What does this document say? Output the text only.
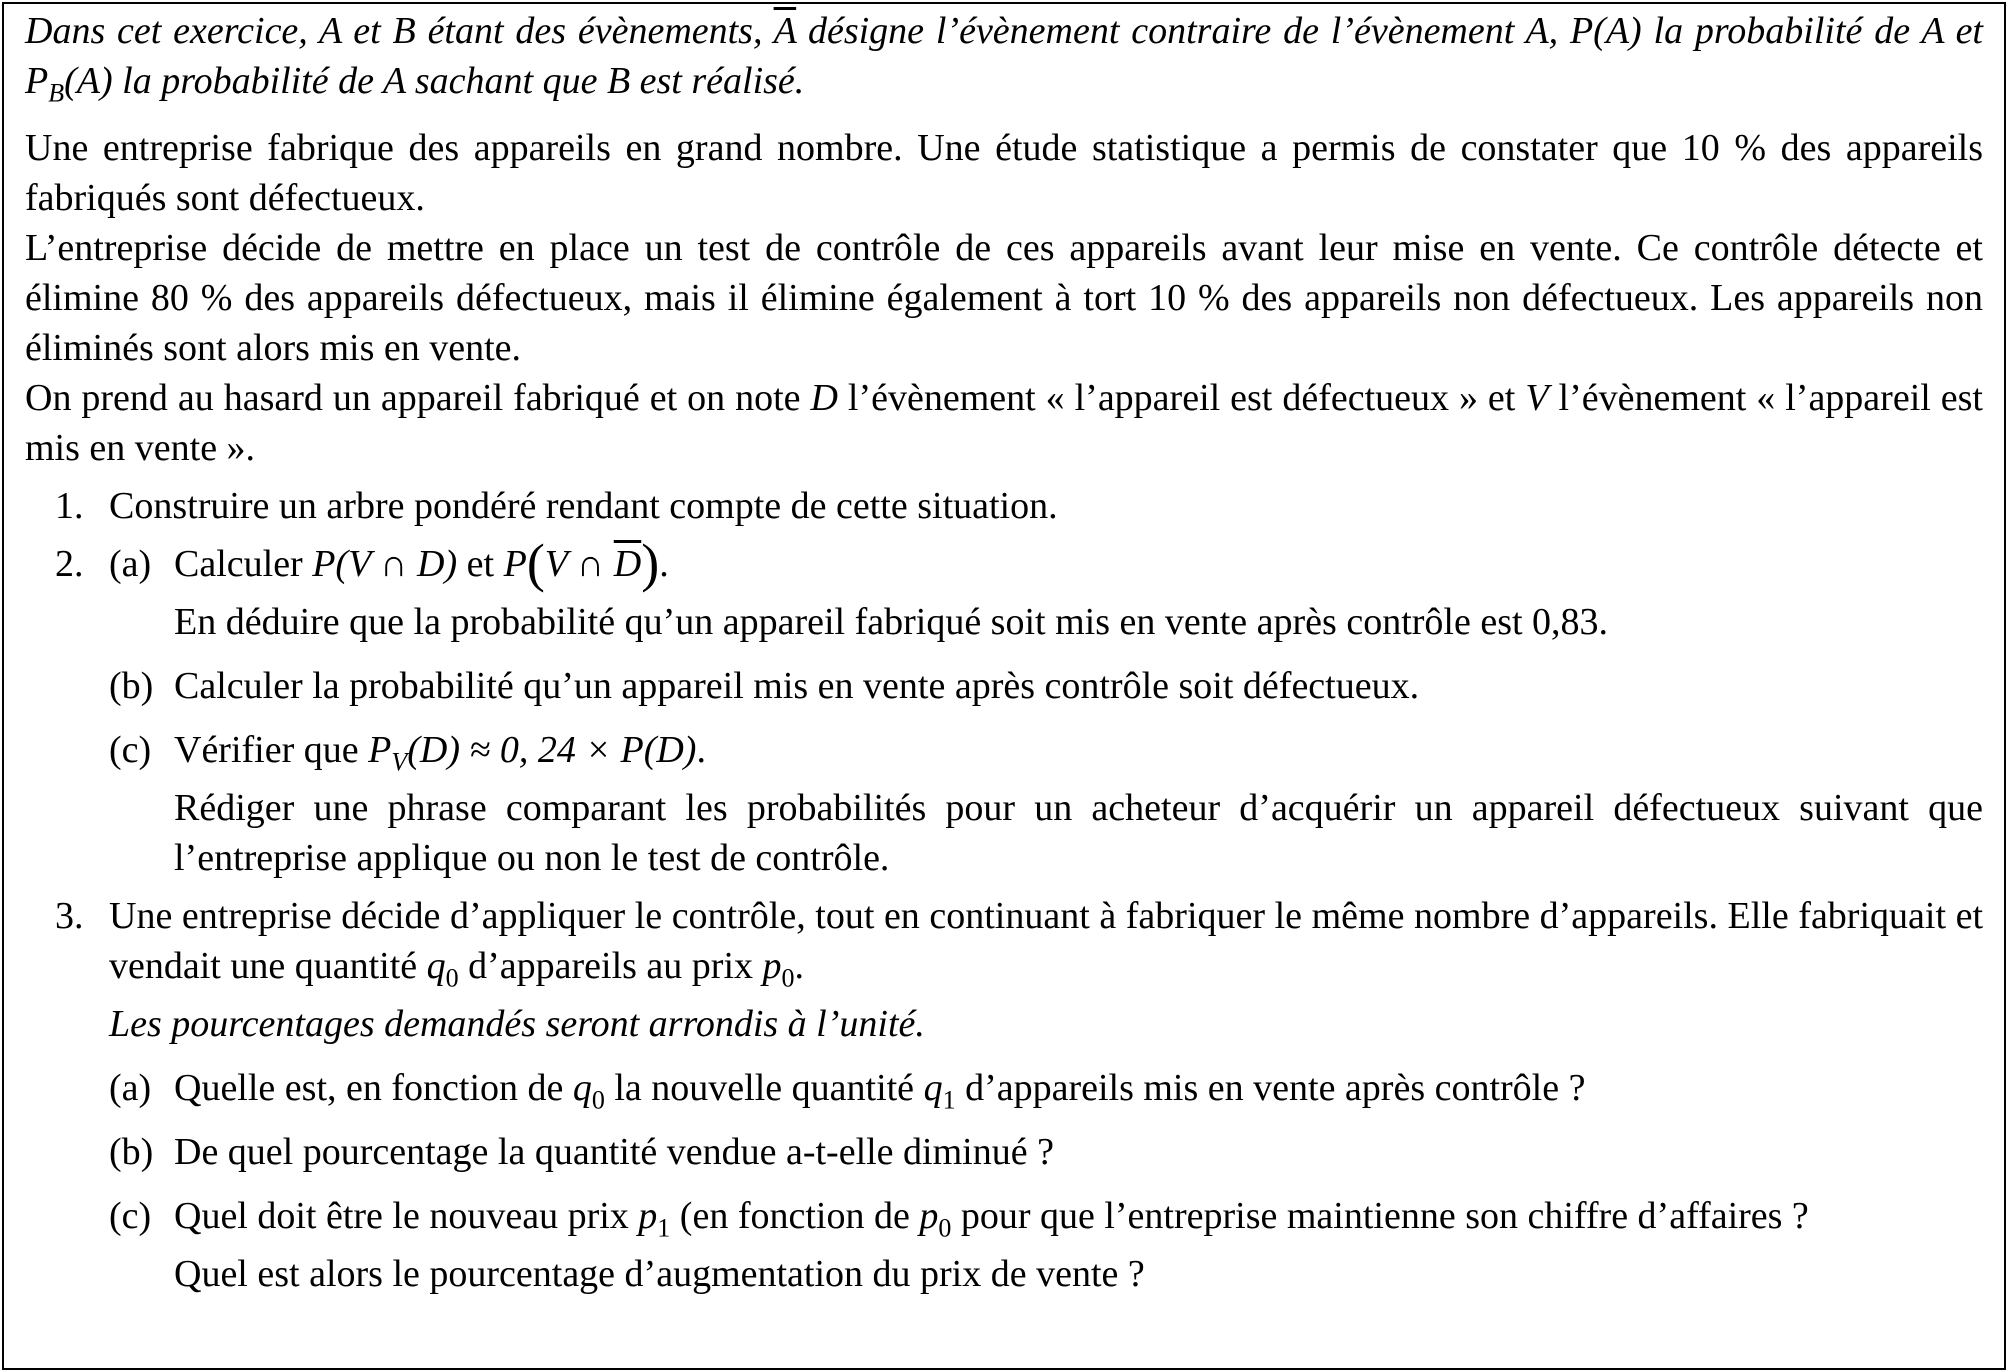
Dans cet exercice, A et B étant des évènements, $\overline{A}$ désigne l’évènement contraire de l’évènement A, P(A) la probabilité de A et $P_B(A)$ la probabilité de A sachant que B est réalisé.

Une entreprise fabrique des appareils en grand nombre. Une étude statistique a permis de constater que 10 % des appareils fabriqués sont défectueux.

L’entreprise décide de mettre en place un test de contrôle de ces appareils avant leur mise en vente. Ce contrôle détecte et élimine 80 % des appareils défectueux, mais il élimine également à tort 10 % des appareils non défectueux. Les appareils non éliminés sont alors mis en vente.

On prend au hasard un appareil fabriqué et on note D l’évènement « l’appareil est défectueux » et V l’évènement « l’appareil est mis en vente ».

1. Construire un arbre pondéré rendant compte de cette situation.
2. (a) Calculer P(V ∩ D) et P(V ∩ $\overline{D}$).
En déduire que la probabilité qu’un appareil fabriqué soit mis en vente après contrôle est 0,83.
(b) Calculer la probabilité qu’un appareil mis en vente après contrôle soit défectueux.
(c) Vérifier que $P_V(D) \approx 0$, 24 × P(D).
Rédiger une phrase comparant les probabilités pour un acheteur d’acquérir un appareil défectueux suivant que l’entreprise applique ou non le test de contrôle.
3. Une entreprise décide d’appliquer le contrôle, tout en continuant à fabriquer le même nombre d’appareils. Elle fabriquait et vendait une quantité $q_0$ d’appareils au prix $p_0$.
Les pourcentages demandés seront arrondis à l’unité.
(a) Quelle est, en fonction de $q_0$ la nouvelle quantité $q_1$ d’appareils mis en vente après contrôle ?
(b) De quel pourcentage la quantité vendue a-t-elle diminué ?
(c) Quel doit être le nouveau prix $p_1$ (en fonction de $p_0$ pour que l’entreprise maintienne son chiffre d’affaires ?
Quel est alors le pourcentage d’augmentation du prix de vente ?
